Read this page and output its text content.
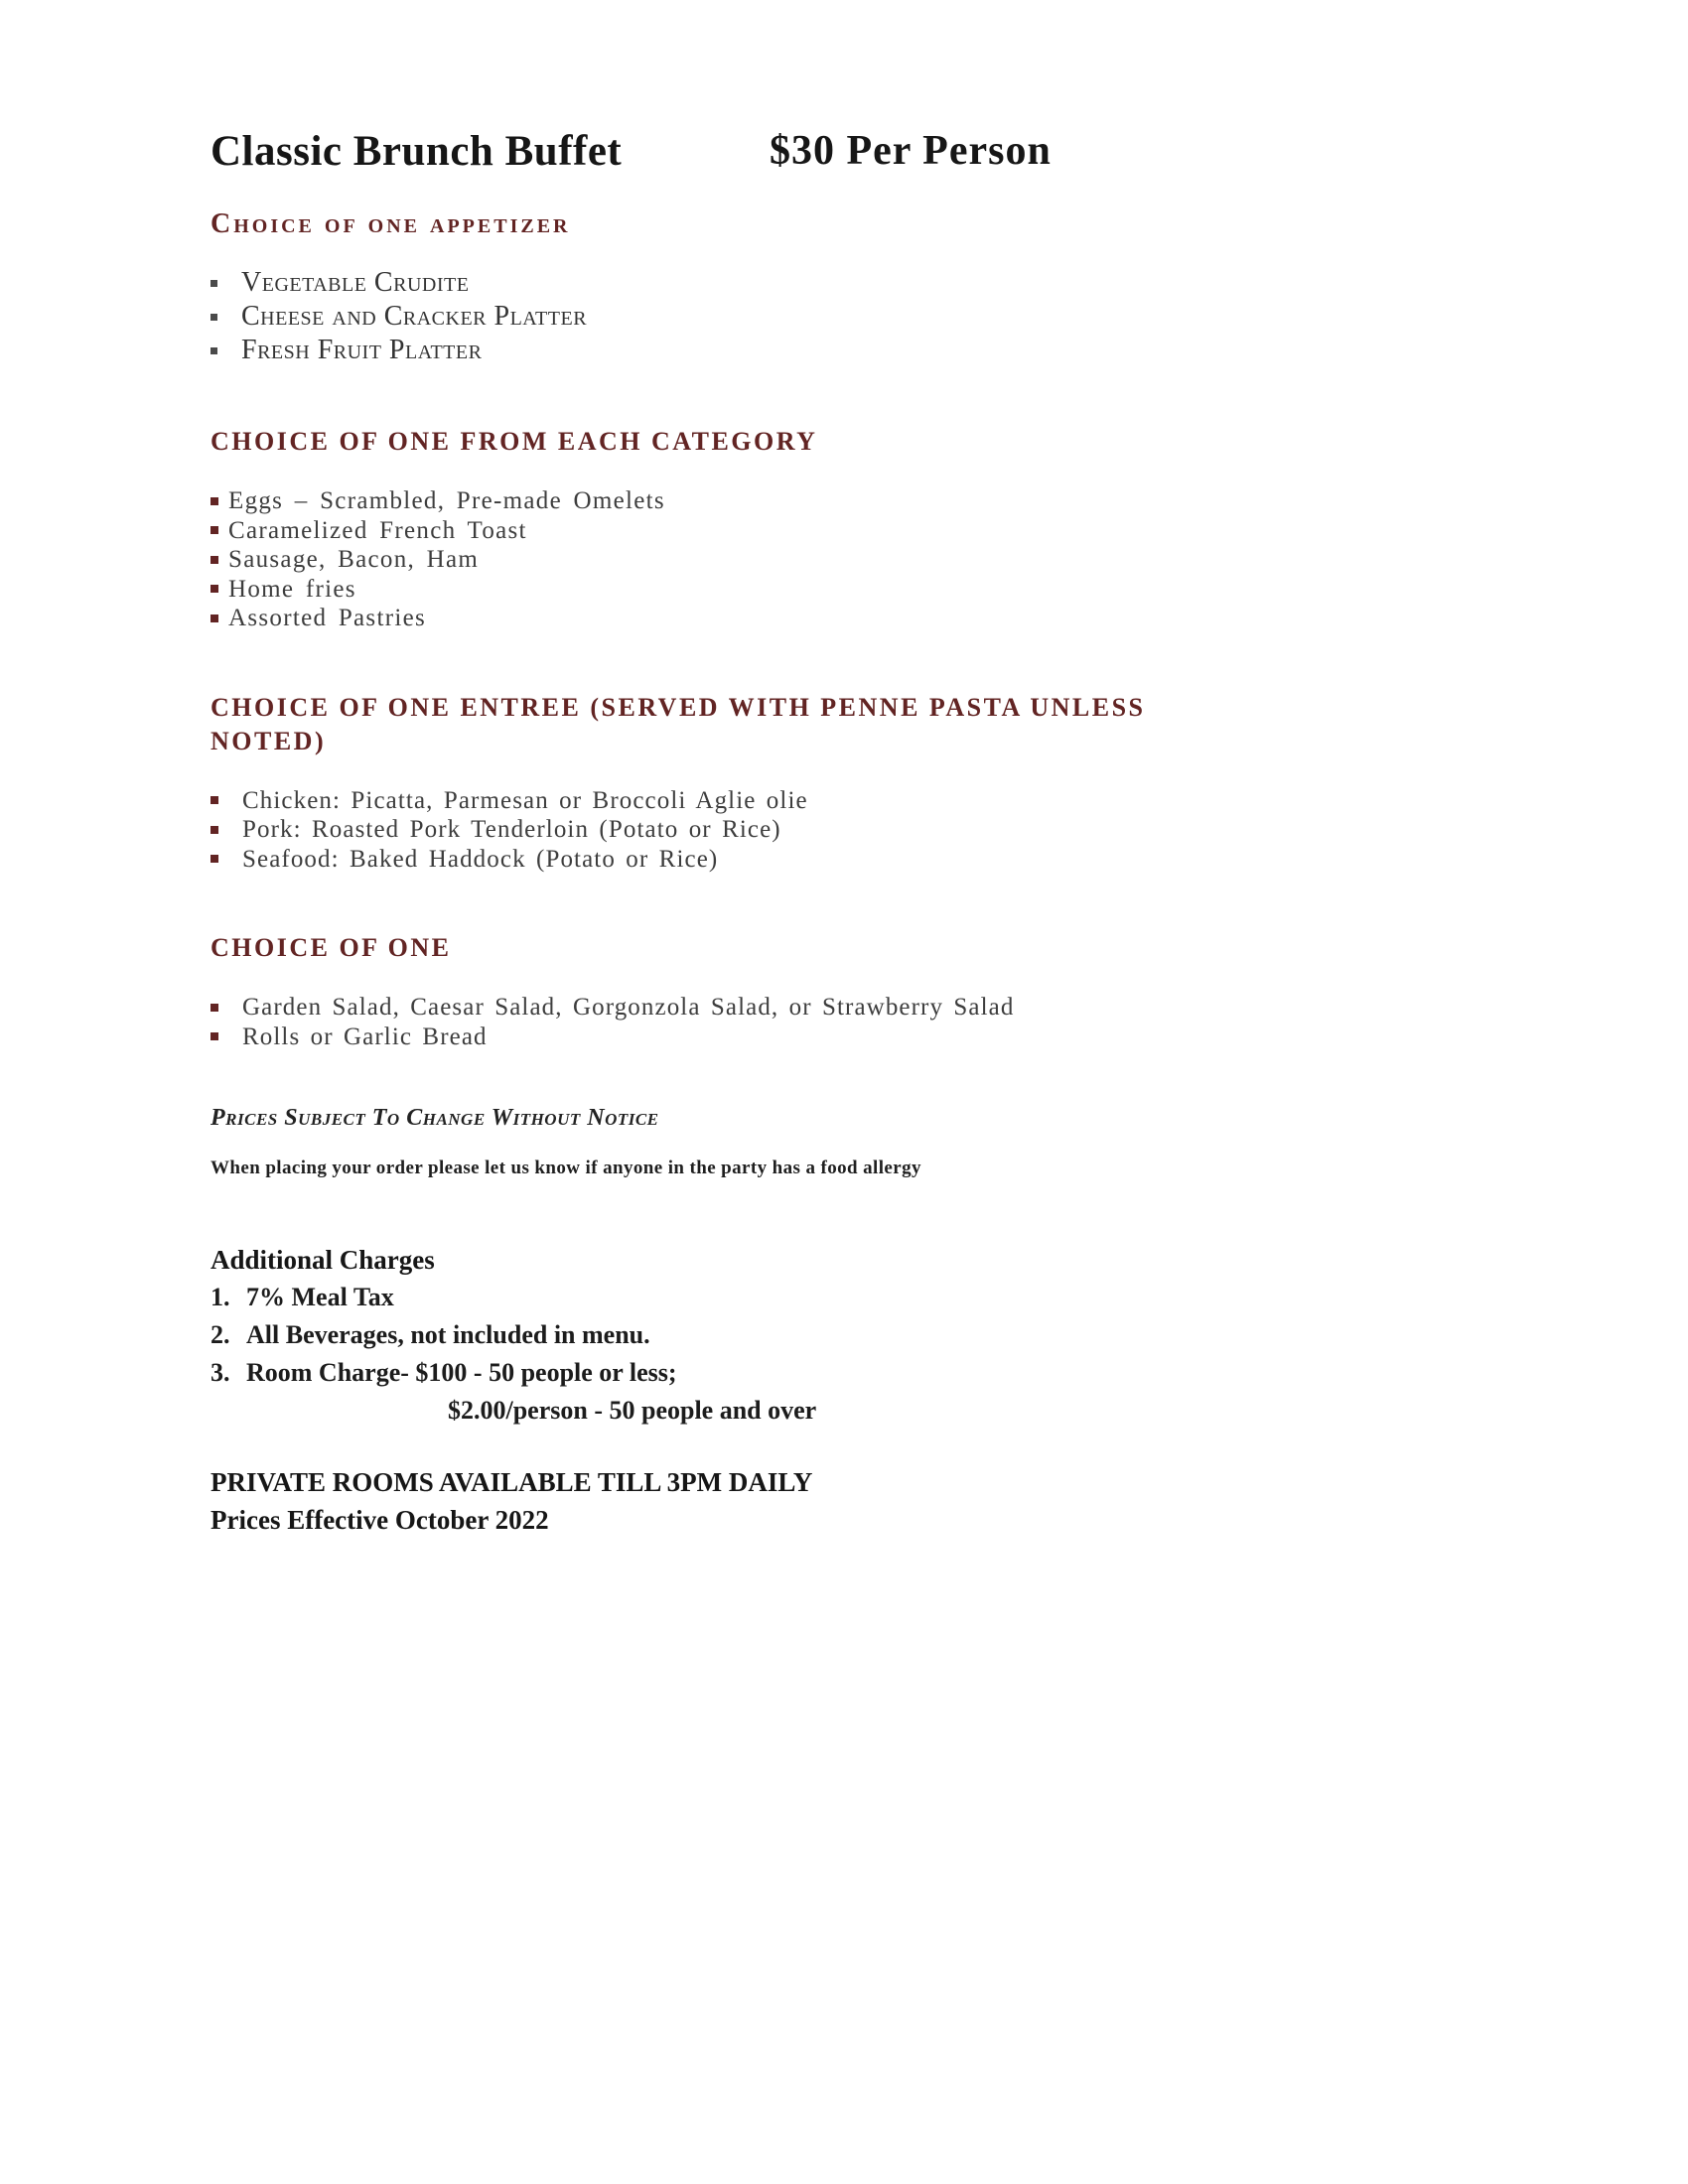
Classic Brunch Buffet	$30 Per Person
Choice of one appetizer
Vegetable Crudite
Cheese and Cracker Platter
Fresh Fruit Platter
CHOICE OF ONE FROM EACH CATEGORY
Eggs – Scrambled, Pre-made Omelets
Caramelized French Toast
Sausage, Bacon, Ham
Home fries
Assorted Pastries
CHOICE OF ONE ENTREE (SERVED WITH PENNE PASTA UNLESS NOTED)
Chicken: Picatta, Parmesan or Broccoli Aglie olie
Pork: Roasted Pork Tenderloin (Potato or Rice)
Seafood: Baked Haddock (Potato or Rice)
CHOICE OF ONE
Garden Salad, Caesar Salad, Gorgonzola Salad, or Strawberry Salad
Rolls or Garlic Bread
Prices Subject To Change Without Notice
When placing your order please let us know if anyone in the party has a food allergy
Additional Charges
1. 7% Meal Tax
2. All Beverages, not included in menu.
3. Room Charge- $100 - 50 people or less;
$2.00/person - 50 people and over
PRIVATE ROOMS AVAILABLE TILL 3PM DAILY
Prices Effective October 2022
